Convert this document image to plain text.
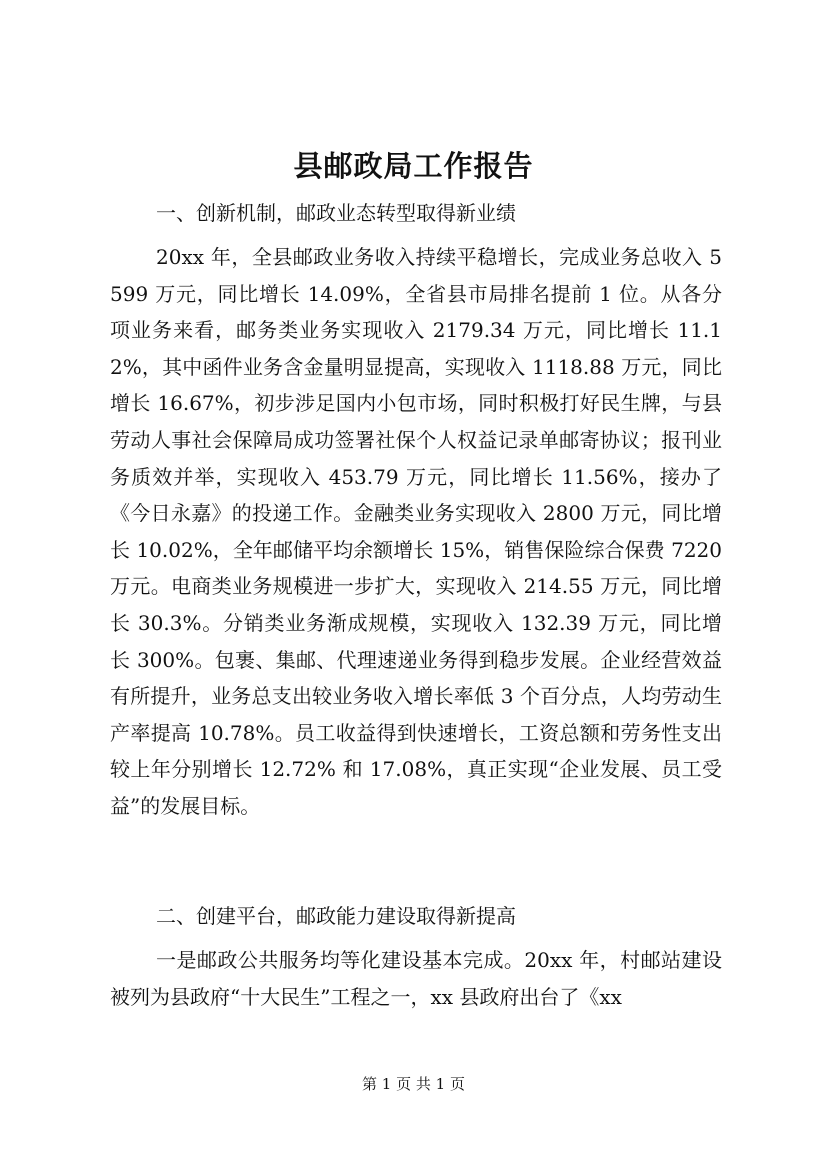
县邮政局工作报告

一、创新机制，邮政业态转型取得新业绩

20xx 年，全县邮政业务收入持续平稳增长，完成业务总收入 5599 万元，同比增长 14.09%，全省县市局排名提前 1 位。从各分项业务来看，邮务类业务实现收入 2179.34 万元，同比增长 11.12%，其中函件业务含金量明显提高，实现收入 1118.88 万元，同比增长 16.67%，初步涉足国内小包市场，同时积极打好民生牌，与县劳动人事社会保障局成功签署社保个人权益记录单邮寄协议；报刊业务质效并举，实现收入 453.79 万元，同比增长 11.56%，接办了《今日永嘉》的投递工作。金融类业务实现收入 2800 万元，同比增长 10.02%，全年邮储平均余额增长 15%，销售保险综合保费 7220 万元。电商类业务规模进一步扩大，实现收入 214.55 万元，同比增长 30.3%。分销类业务渐成规模，实现收入 132.39 万元，同比增长 300%。包裹、集邮、代理速递业务得到稳步发展。企业经营效益有所提升，业务总支出较业务收入增长率低 3 个百分点，人均劳动生产率提高 10.78%。员工收益得到快速增长，工资总额和劳务性支出较上年分别增长 12.72% 和 17.08%，真正实现“企业发展、员工受益”的发展目标。

二、创建平台，邮政能力建设取得新提高

一是邮政公共服务均等化建设基本完成。20xx 年，村邮站建设被列为县政府“十大民生”工程之一，xx 县政府出台了《xx

第 1 页 共 1 页
